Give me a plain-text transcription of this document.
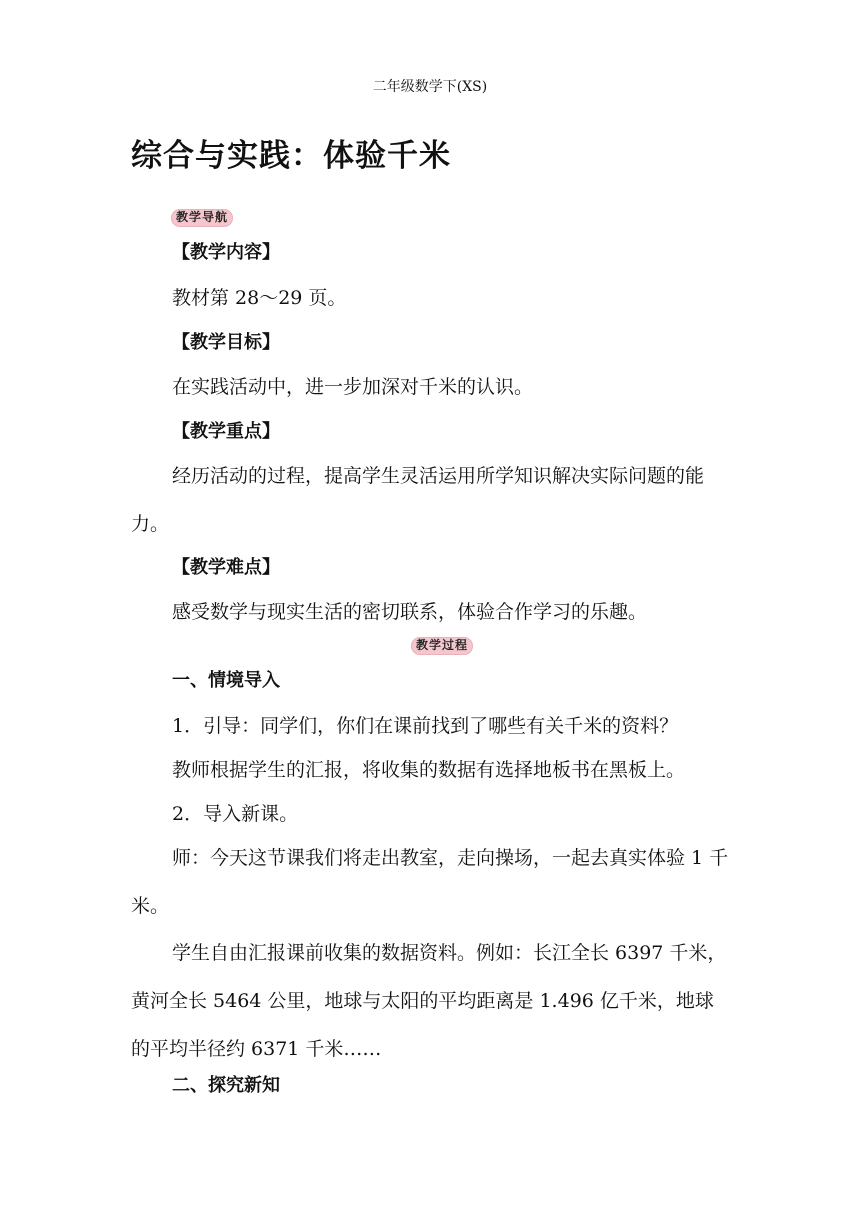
二年级数学下(XS)
综合与实践：体验千米
教学导航
【教学内容】
教材第 28～29 页。
【教学目标】
在实践活动中，进一步加深对千米的认识。
【教学重点】
经历活动的过程，提高学生灵活运用所学知识解决实际问题的能力。
【教学难点】
感受数学与现实生活的密切联系，体验合作学习的乐趣。
教学过程
一、情境导入
1．引导：同学们，你们在课前找到了哪些有关千米的资料？
教师根据学生的汇报，将收集的数据有选择地板书在黑板上。
2．导入新课。
师：今天这节课我们将走出教室，走向操场，一起去真实体验 1 千米。
学生自由汇报课前收集的数据资料。例如：长江全长 6397 千米，黄河全长 5464 公里，地球与太阳的平均距离是 1.496 亿千米，地球的平均半径约 6371 千米……
二、探究新知
